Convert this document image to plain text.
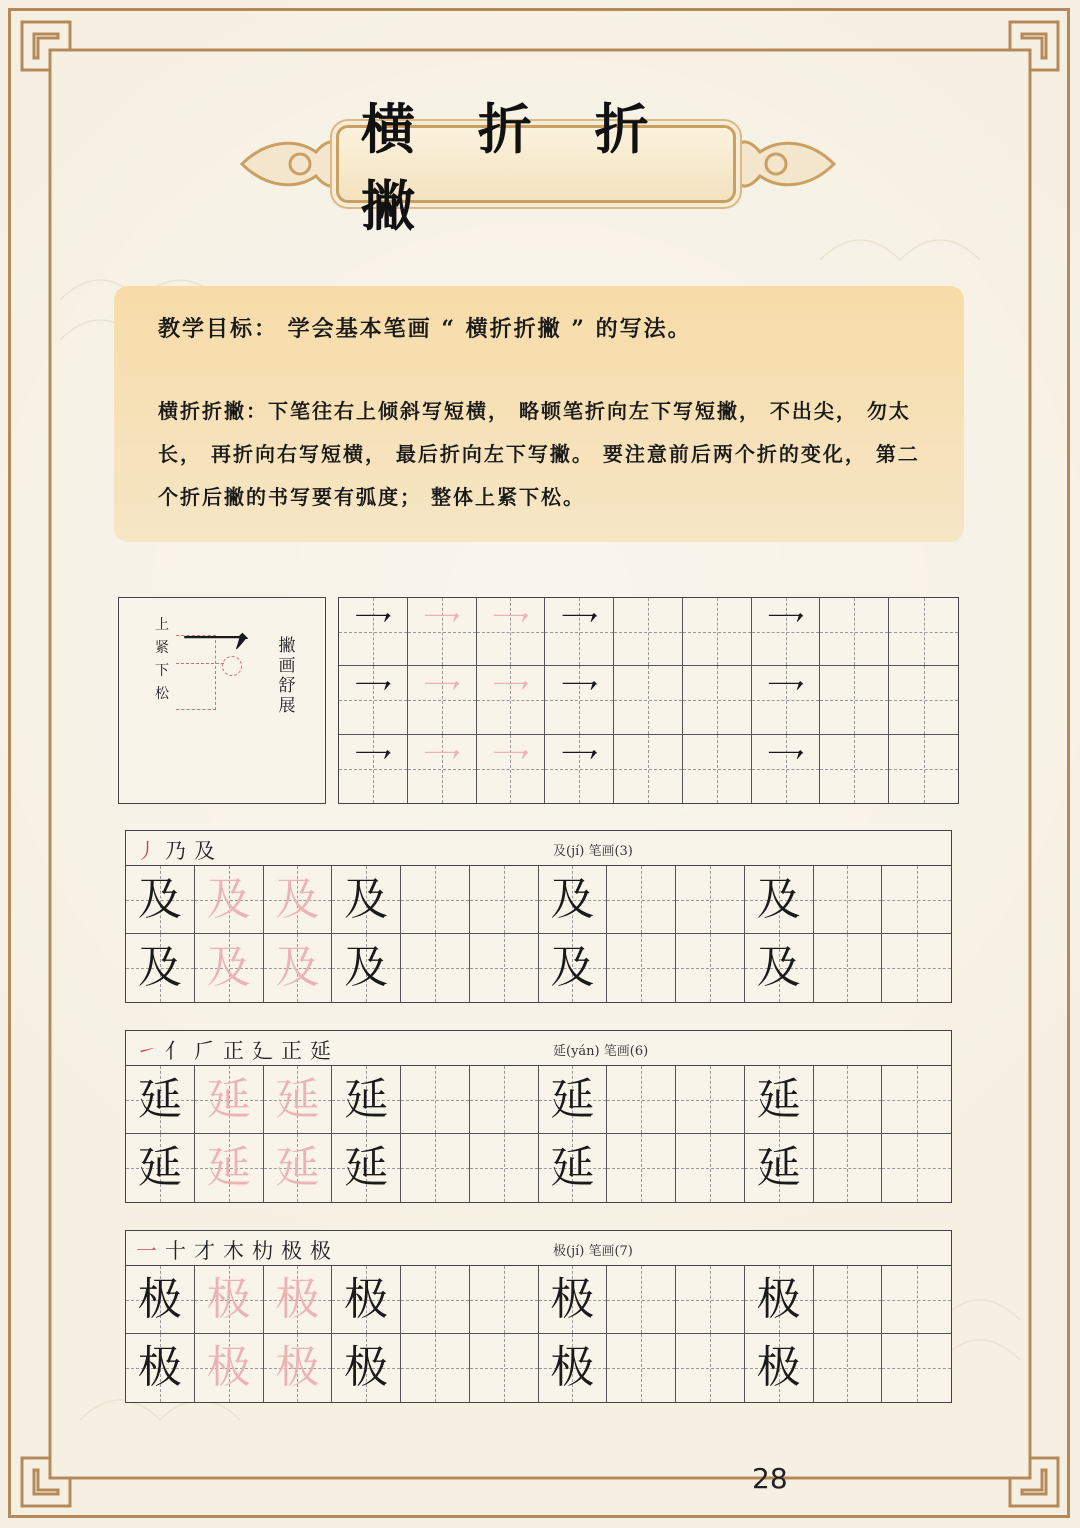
横 折 折 撇
教学目标： 学会基本笔画 “ 横折折撇 ” 的写法。
横折折撇：下笔往右上倾斜写短横， 略顿笔折向左下写短撇， 不出尖， 勿太长， 再折向右写短横， 最后折向左下写撇。 要注意前后两个折的变化， 第二个折后撇的书写要有弧度； 整体上紧下松。
上
紧
下
松
撇
画
舒
展
乛	乛 乛 乛 乛	乛
乛 乛 乛 乛	乛
乛 乛 乛 乛	乛
丿乃及	及(jí) 笔画(3)
及 及 及 及	及	及
及 及 及 及	及	及
㇀亻𠂆正廴正延	延(yán) 笔画(6)
延 延 延 延	延	延
延 延 延 延	延	延
一十才木朸极极	极(jí) 笔画(7)
极 极 极 极	极	极
极 极 极 极	极	极
28
